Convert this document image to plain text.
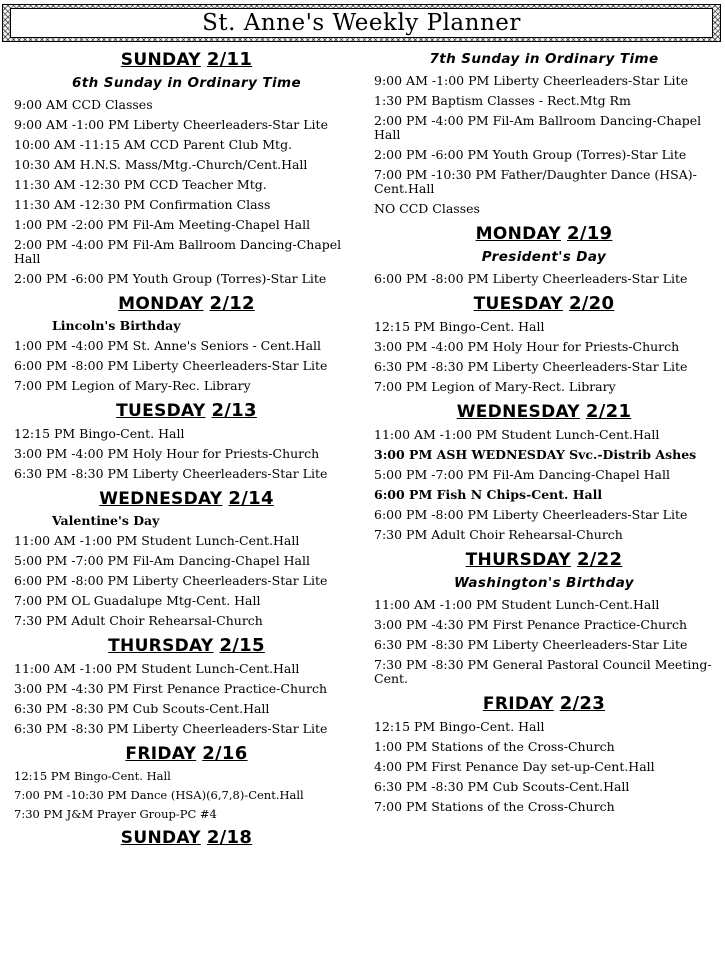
St. Anne's Weekly Planner
SUNDAY 2/11
6th Sunday in Ordinary Time
9:00 AM CCD Classes
9:00 AM -1:00 PM Liberty Cheerleaders-Star Lite
10:00 AM -11:15 AM CCD Parent Club Mtg.
10:30 AM H.N.S. Mass/Mtg.-Church/Cent.Hall
11:30 AM -12:30 PM CCD Teacher Mtg.
11:30 AM -12:30 PM Confirmation Class
1:00 PM -2:00 PM Fil-Am Meeting-Chapel Hall
2:00 PM -4:00 PM Fil-Am Ballroom Dancing-Chapel Hall
2:00 PM -6:00 PM Youth Group (Torres)-Star Lite
MONDAY 2/12
Lincoln's Birthday
1:00 PM -4:00 PM St. Anne's Seniors - Cent.Hall
6:00 PM -8:00 PM Liberty Cheerleaders-Star Lite
7:00 PM Legion of Mary-Rec. Library
TUESDAY 2/13
12:15 PM Bingo-Cent. Hall
3:00 PM -4:00 PM Holy Hour for Priests-Church
6:30 PM -8:30 PM Liberty Cheerleaders-Star Lite
WEDNESDAY 2/14
Valentine's Day
11:00 AM -1:00 PM Student Lunch-Cent.Hall
5:00 PM -7:00 PM Fil-Am Dancing-Chapel Hall
6:00 PM -8:00 PM Liberty Cheerleaders-Star Lite
7:00 PM OL Guadalupe Mtg-Cent. Hall
7:30 PM Adult Choir Rehearsal-Church
THURSDAY 2/15
11:00 AM -1:00 PM Student Lunch-Cent.Hall
3:00 PM -4:30 PM First Penance Practice-Church
6:30 PM -8:30 PM Cub Scouts-Cent.Hall
6:30 PM -8:30 PM Liberty Cheerleaders-Star Lite
FRIDAY 2/16
12:15 PM Bingo-Cent. Hall
7:00 PM -10:30 PM Dance (HSA)(6,7,8)-Cent.Hall
7:30 PM J&M Prayer Group-PC #4
SUNDAY 2/18
7th Sunday in Ordinary Time
9:00 AM -1:00 PM Liberty Cheerleaders-Star Lite
1:30 PM Baptism Classes - Rect.Mtg Rm
2:00 PM -4:00 PM Fil-Am Ballroom Dancing-Chapel Hall
2:00 PM -6:00 PM Youth Group (Torres)-Star Lite
7:00 PM -10:30 PM Father/Daughter Dance (HSA)-Cent.Hall
NO CCD Classes
MONDAY 2/19
President's Day
6:00 PM -8:00 PM Liberty Cheerleaders-Star Lite
TUESDAY 2/20
12:15 PM Bingo-Cent. Hall
3:00 PM -4:00 PM Holy Hour for Priests-Church
6:30 PM -8:30 PM Liberty Cheerleaders-Star Lite
7:00 PM Legion of Mary-Rect. Library
WEDNESDAY 2/21
11:00 AM -1:00 PM Student Lunch-Cent.Hall
3:00 PM ASH WEDNESDAY Svc.-Distrib Ashes
5:00 PM -7:00 PM Fil-Am Dancing-Chapel Hall
6:00 PM Fish N Chips-Cent. Hall
6:00 PM -8:00 PM Liberty Cheerleaders-Star Lite
7:30 PM Adult Choir Rehearsal-Church
THURSDAY 2/22
Washington's Birthday
11:00 AM -1:00 PM Student Lunch-Cent.Hall
3:00 PM -4:30 PM First Penance Practice-Church
6:30 PM -8:30 PM Liberty Cheerleaders-Star Lite
7:30 PM -8:30 PM General Pastoral Council Meeting-Cent.
FRIDAY 2/23
12:15 PM Bingo-Cent. Hall
1:00 PM Stations of the Cross-Church
4:00 PM First Penance Day set-up-Cent.Hall
6:30 PM -8:30 PM Cub Scouts-Cent.Hall
7:00 PM Stations of the Cross-Church
